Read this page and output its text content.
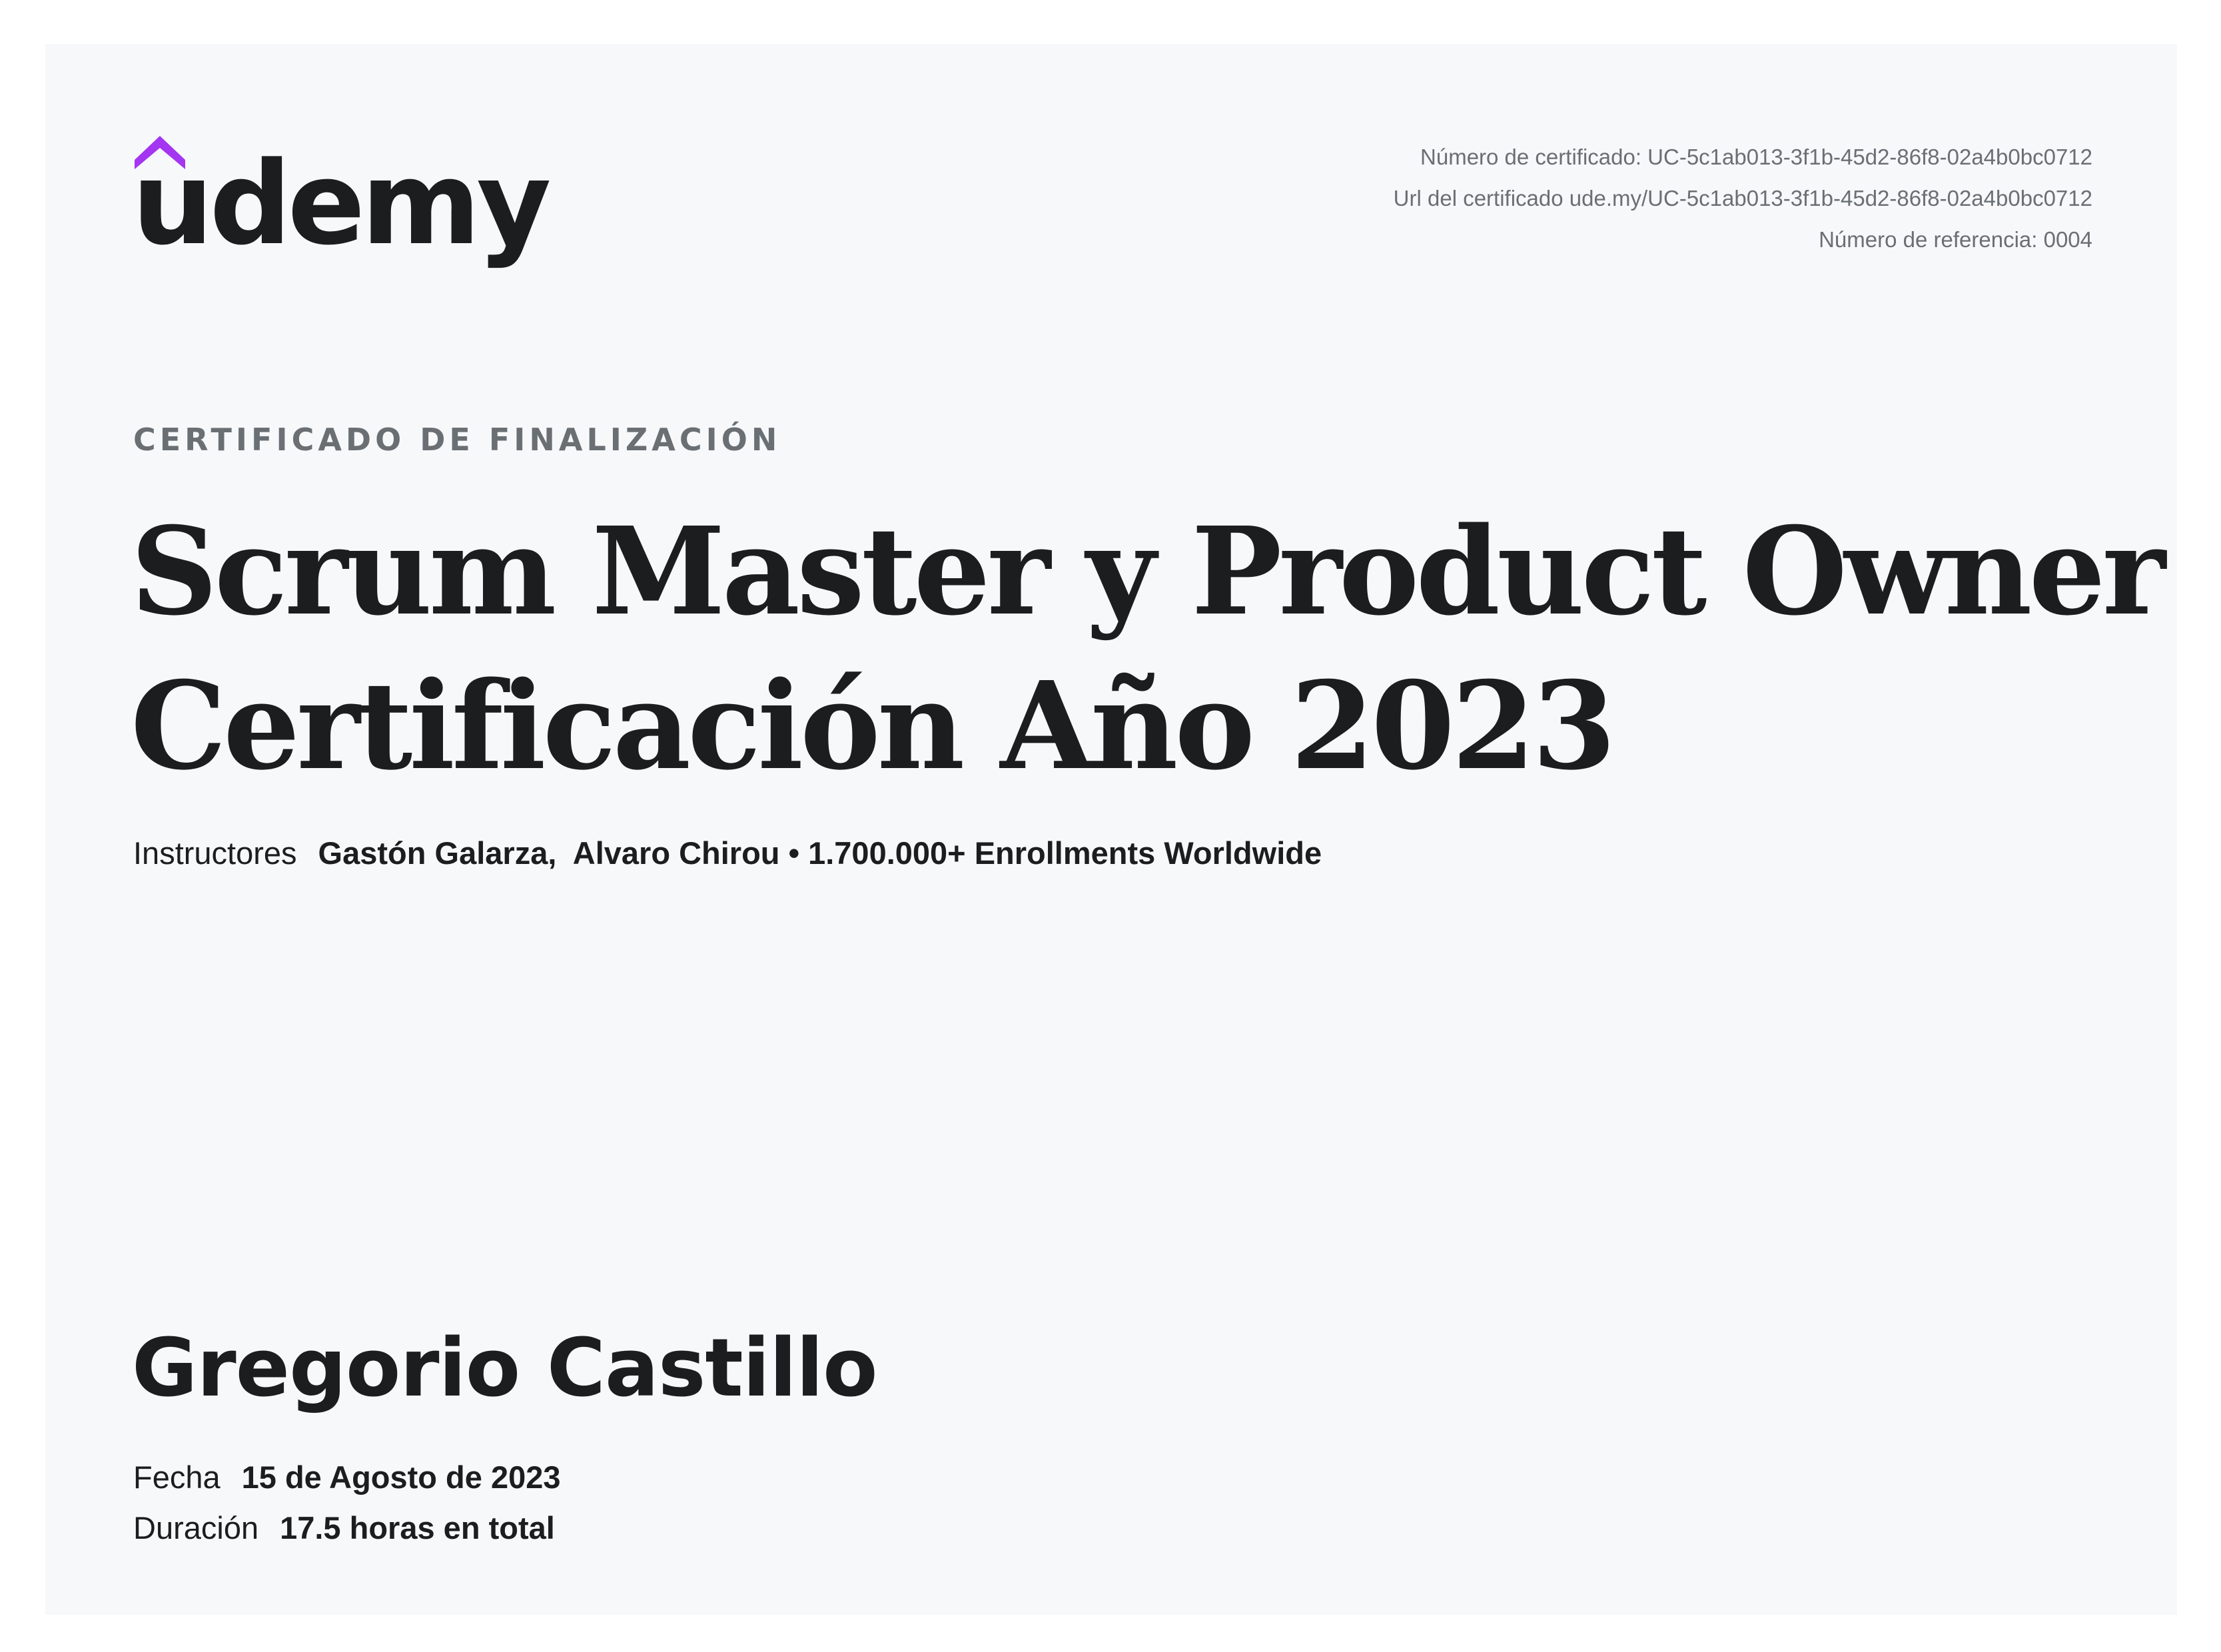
udemy	Número de certificado: UC-5c1ab013-3f1b-45d2-86f8-02a4b0bc0712
Url del certificado ude.my/UC-5c1ab013-3f1b-45d2-86f8-02a4b0bc0712
Número de referencia: 0004
CERTIFICADO DE FINALIZACIÓN
Scrum Master y Product Owner
Certificación Año 2023
Instructores Gastón Galarza,  Alvaro Chirou • 1.700.000+ Enrollments Worldwide
Gregorio Castillo
Fecha 15 de Agosto de 2023
Duración 17.5 horas en total
